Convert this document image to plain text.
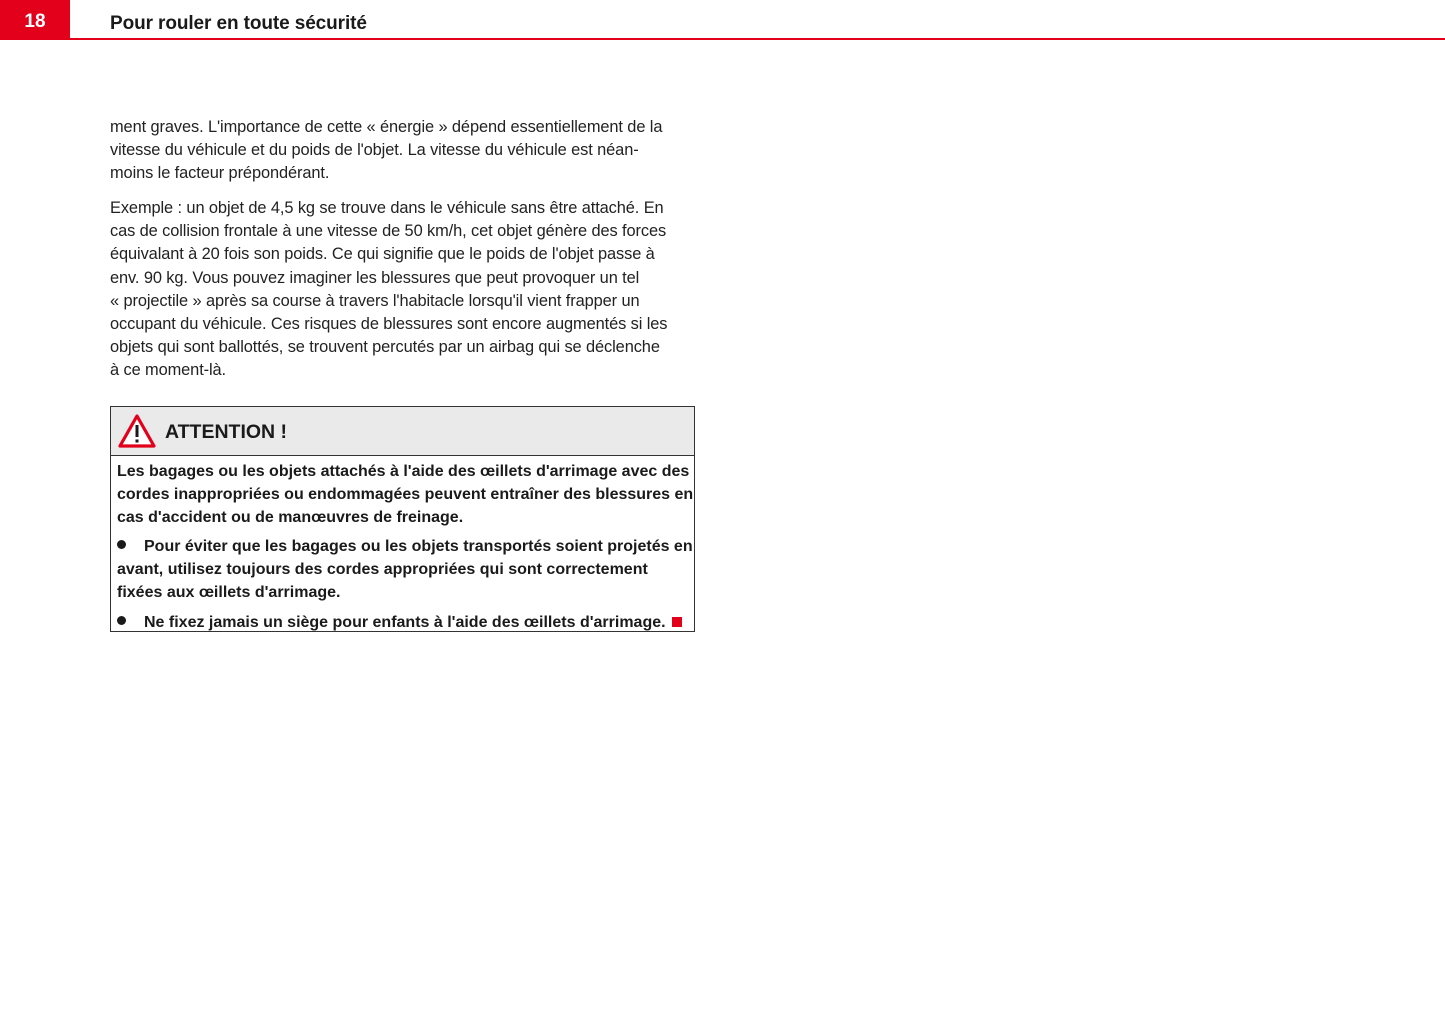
18	Pour rouler en toute sécurité

ment graves. L'importance de cette « énergie » dépend essentiellement de la
vitesse du véhicule et du poids de l'objet. La vitesse du véhicule est néan-
moins le facteur prépondérant.

Exemple : un objet de 4,5 kg se trouve dans le véhicule sans être attaché. En
cas de collision frontale à une vitesse de 50 km/h, cet objet génère des forces
équivalant à 20 fois son poids. Ce qui signifie que le poids de l'objet passe à
env. 90 kg. Vous pouvez imaginer les blessures que peut provoquer un tel
« projectile » après sa course à travers l'habitacle lorsqu'il vient frapper un
occupant du véhicule. Ces risques de blessures sont encore augmentés si les
objets qui sont ballottés, se trouvent percutés par un airbag qui se déclenche
à ce moment-là.

ATTENTION !

Les bagages ou les objets attachés à l'aide des œillets d'arrimage avec des
cordes inappropriées ou endommagées peuvent entraîner des blessures en
cas d'accident ou de manœuvres de freinage.

Pour éviter que les bagages ou les objets transportés soient projetés en
avant, utilisez toujours des cordes appropriées qui sont correctement
fixées aux œillets d'arrimage.

Ne fixez jamais un siège pour enfants à l'aide des œillets d'arrimage.
